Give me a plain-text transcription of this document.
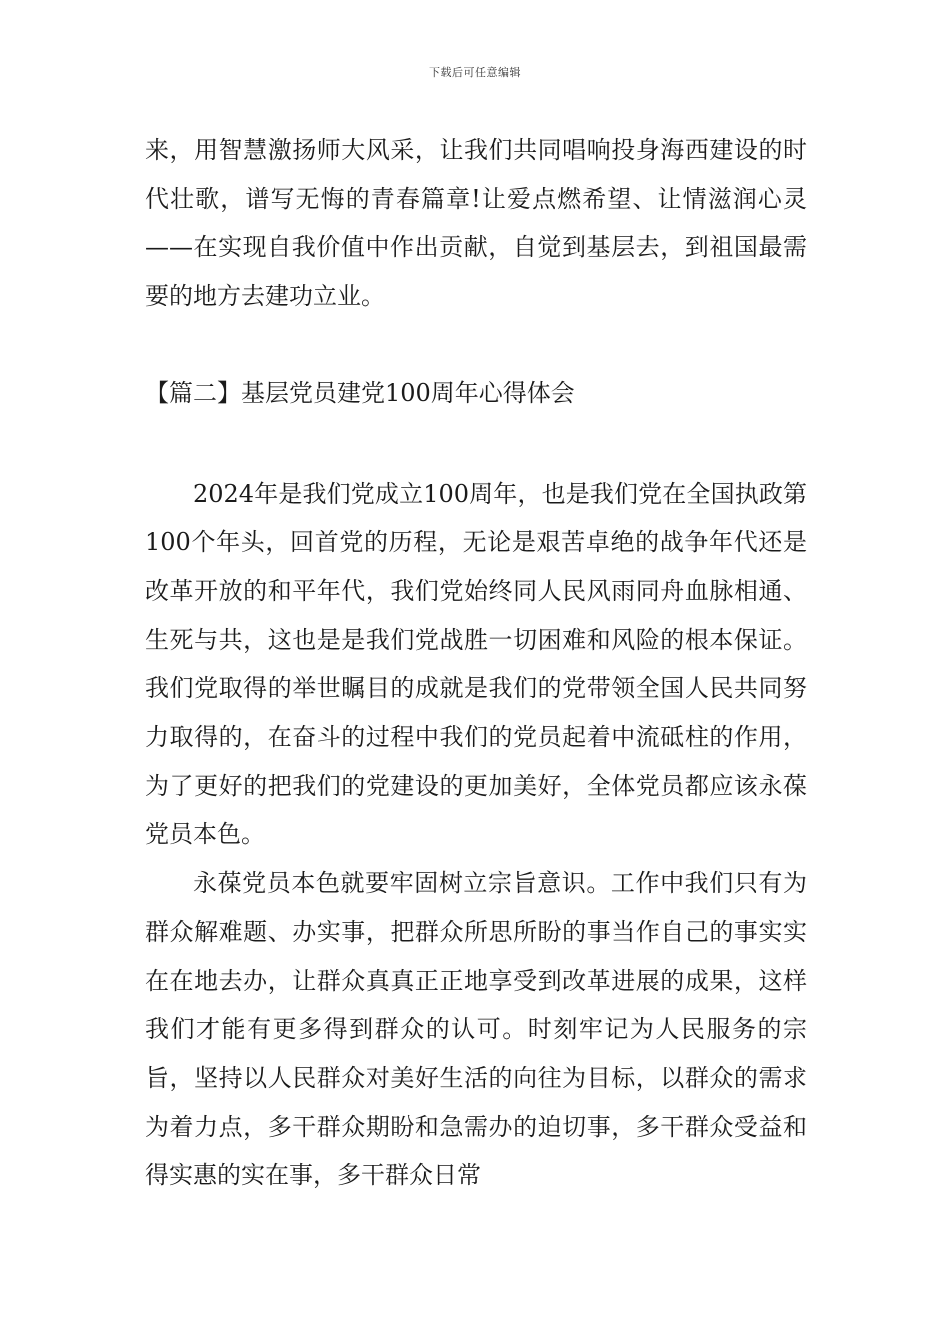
下载后可任意编辑

来，用智慧激扬师大风采，让我们共同唱响投身海西建设的时代壮歌，谱写无悔的青春篇章!让爱点燃希望、让情滋润心灵——在实现自我价值中作出贡献，自觉到基层去，到祖国最需要的地方去建功立业。

【篇二】基层党员建党100周年心得体会

2024年是我们党成立100周年，也是我们党在全国执政第100个年头，回首党的历程，无论是艰苦卓绝的战争年代还是改革开放的和平年代，我们党始终同人民风雨同舟血脉相通、生死与共，这也是是我们党战胜一切困难和风险的根本保证。我们党取得的举世瞩目的成就是我们的党带领全国人民共同努力取得的，在奋斗的过程中我们的党员起着中流砥柱的作用，为了更好的把我们的党建设的更加美好，全体党员都应该永葆党员本色。

永葆党员本色就要牢固树立宗旨意识。工作中我们只有为群众解难题、办实事，把群众所思所盼的事当作自己的事实实在在地去办，让群众真真正正地享受到改革进展的成果，这样我们才能有更多得到群众的认可。时刻牢记为人民服务的宗旨，坚持以人民群众对美好生活的向往为目标，以群众的需求为着力点，多干群众期盼和急需办的迫切事，多干群众受益和得实惠的实在事，多干群众日常
